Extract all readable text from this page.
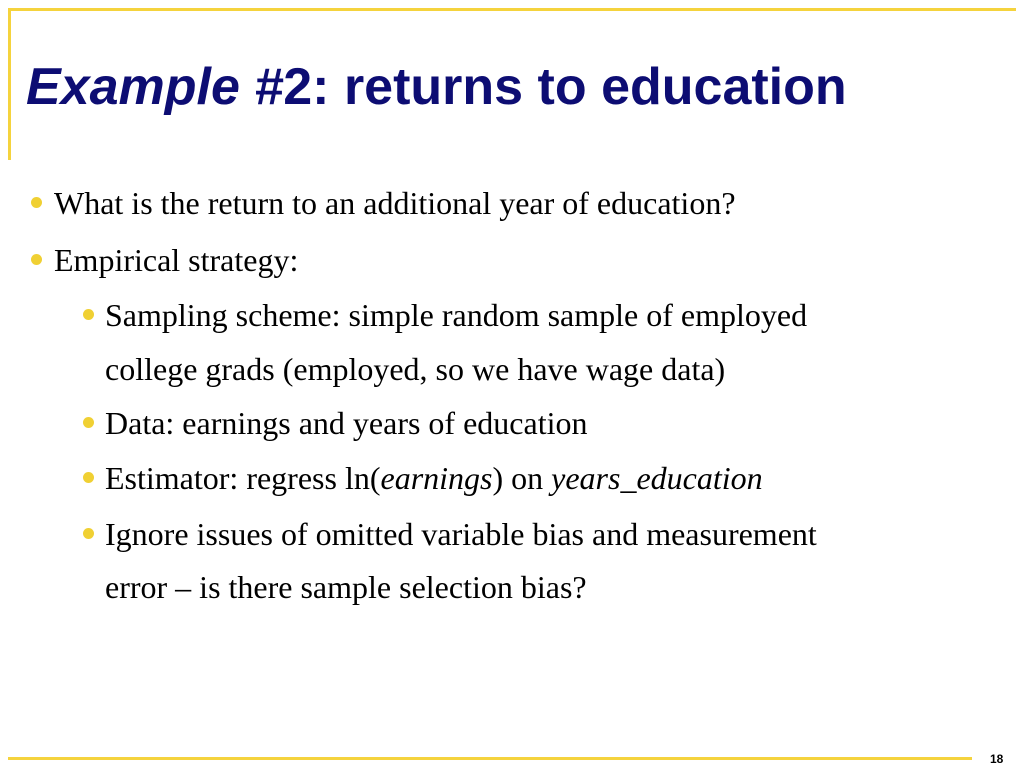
Example #2: returns to education
What is the return to an additional year of education?
Empirical strategy:
Sampling scheme: simple random sample of employed
college grads (employed, so we have wage data)
Data: earnings and years of education
Estimator: regress ln(earnings) on years_education
Ignore issues of omitted variable bias and measurement
error – is there sample selection bias?
18
